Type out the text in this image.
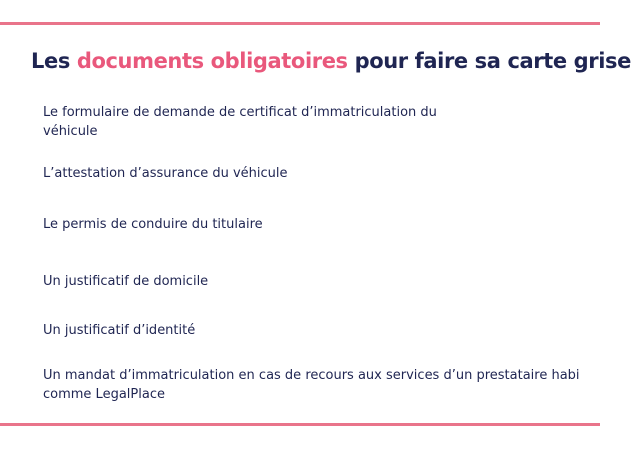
Les documents obligatoires pour faire sa carte grise

Le formulaire de demande de certificat d’immatriculation du
véhicule

L’attestation d’assurance du véhicule

Le permis de conduire du titulaire

Un justificatif de domicile

Un justificatif d’identité

Un mandat d’immatriculation en cas de recours aux services d’un prestataire habi
comme LegalPlace
